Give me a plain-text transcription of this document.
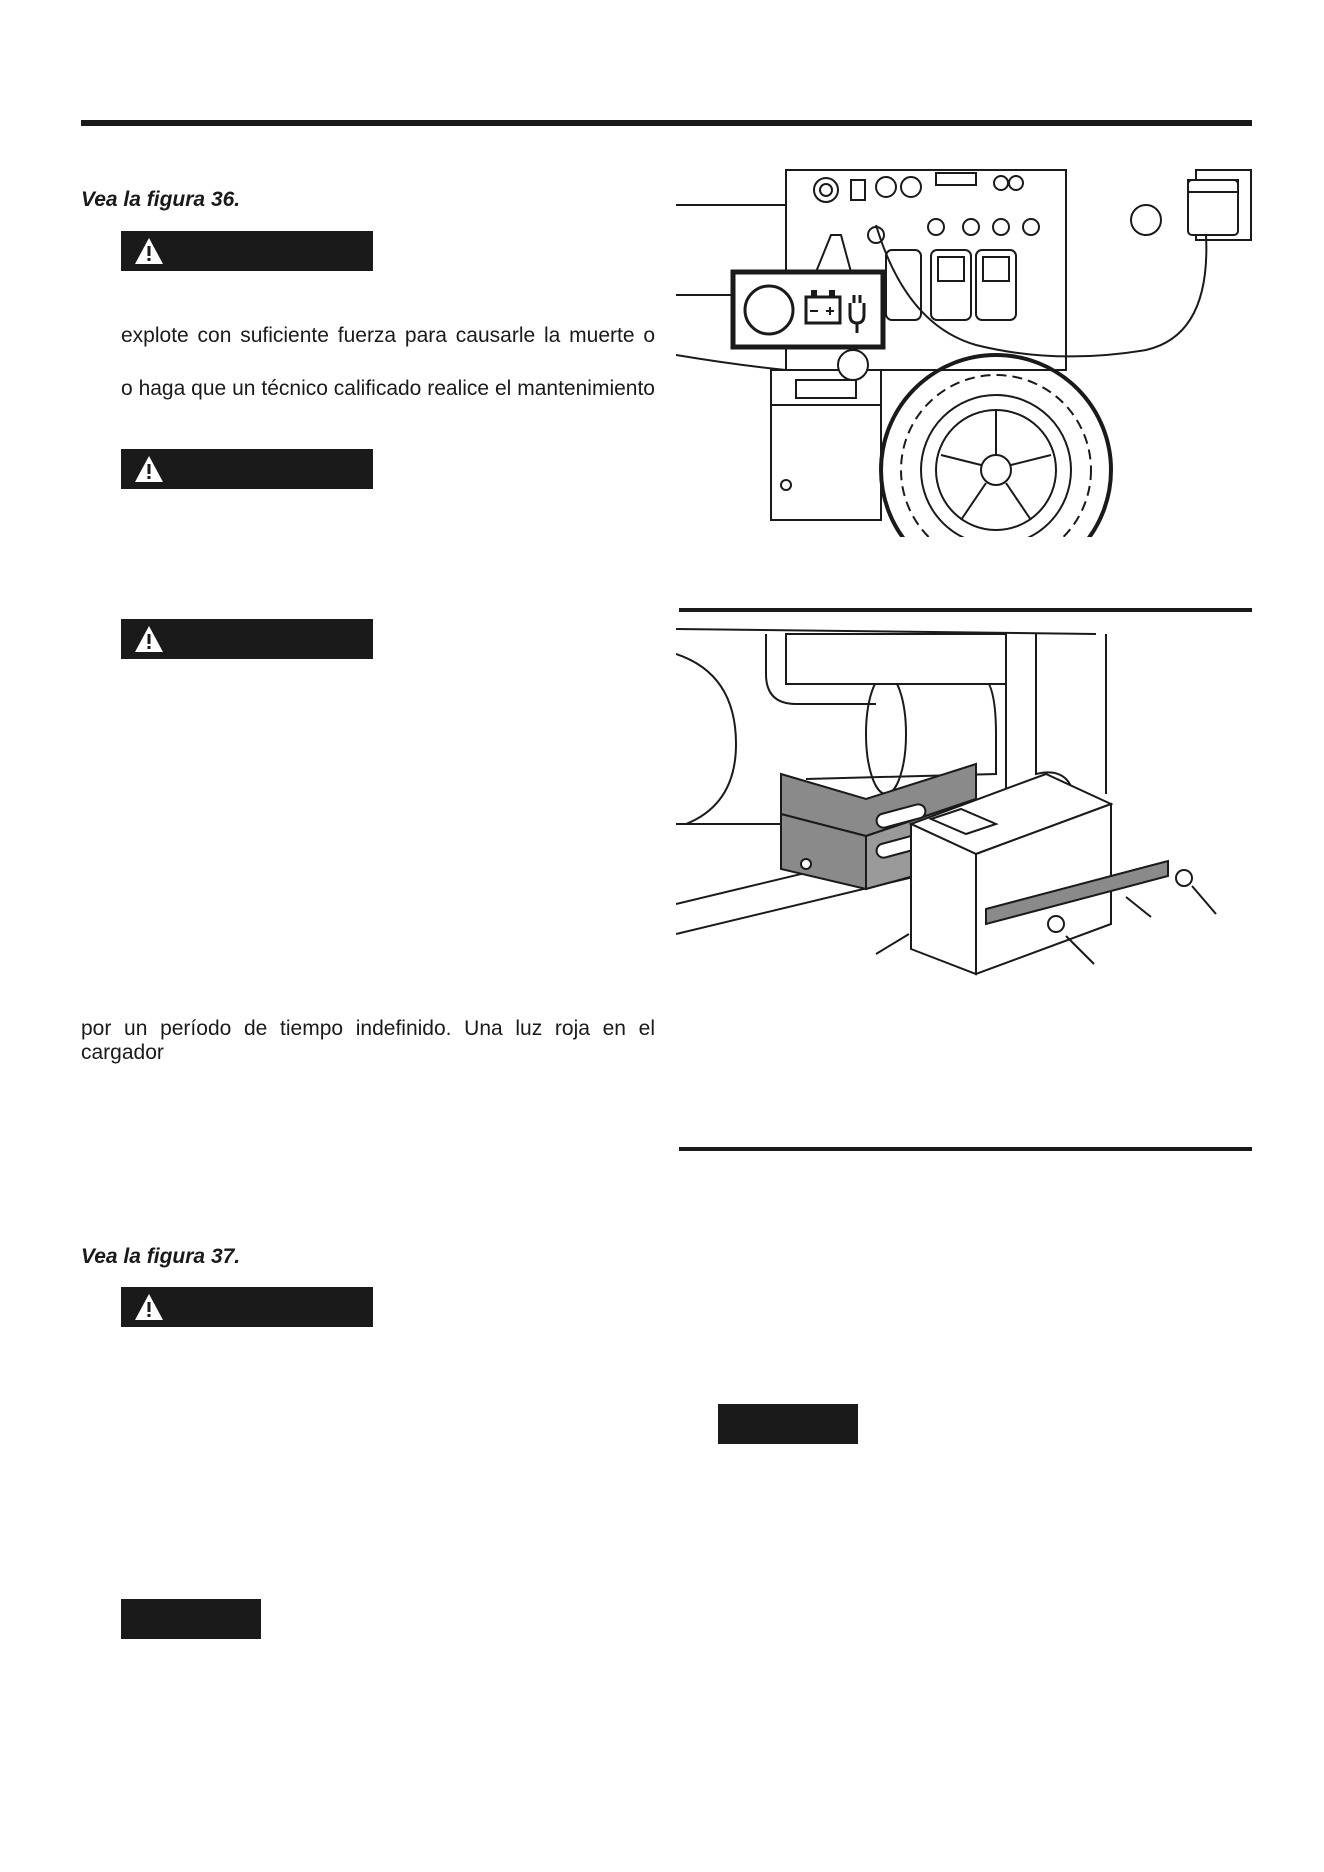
Vea la figura 36.
explote con suficiente fuerza para causarle la muerte o
o haga que un técnico calificado realice el mantenimiento
por un período de tiempo indefinido. Una luz roja en el cargador
Vea la figura 37.
